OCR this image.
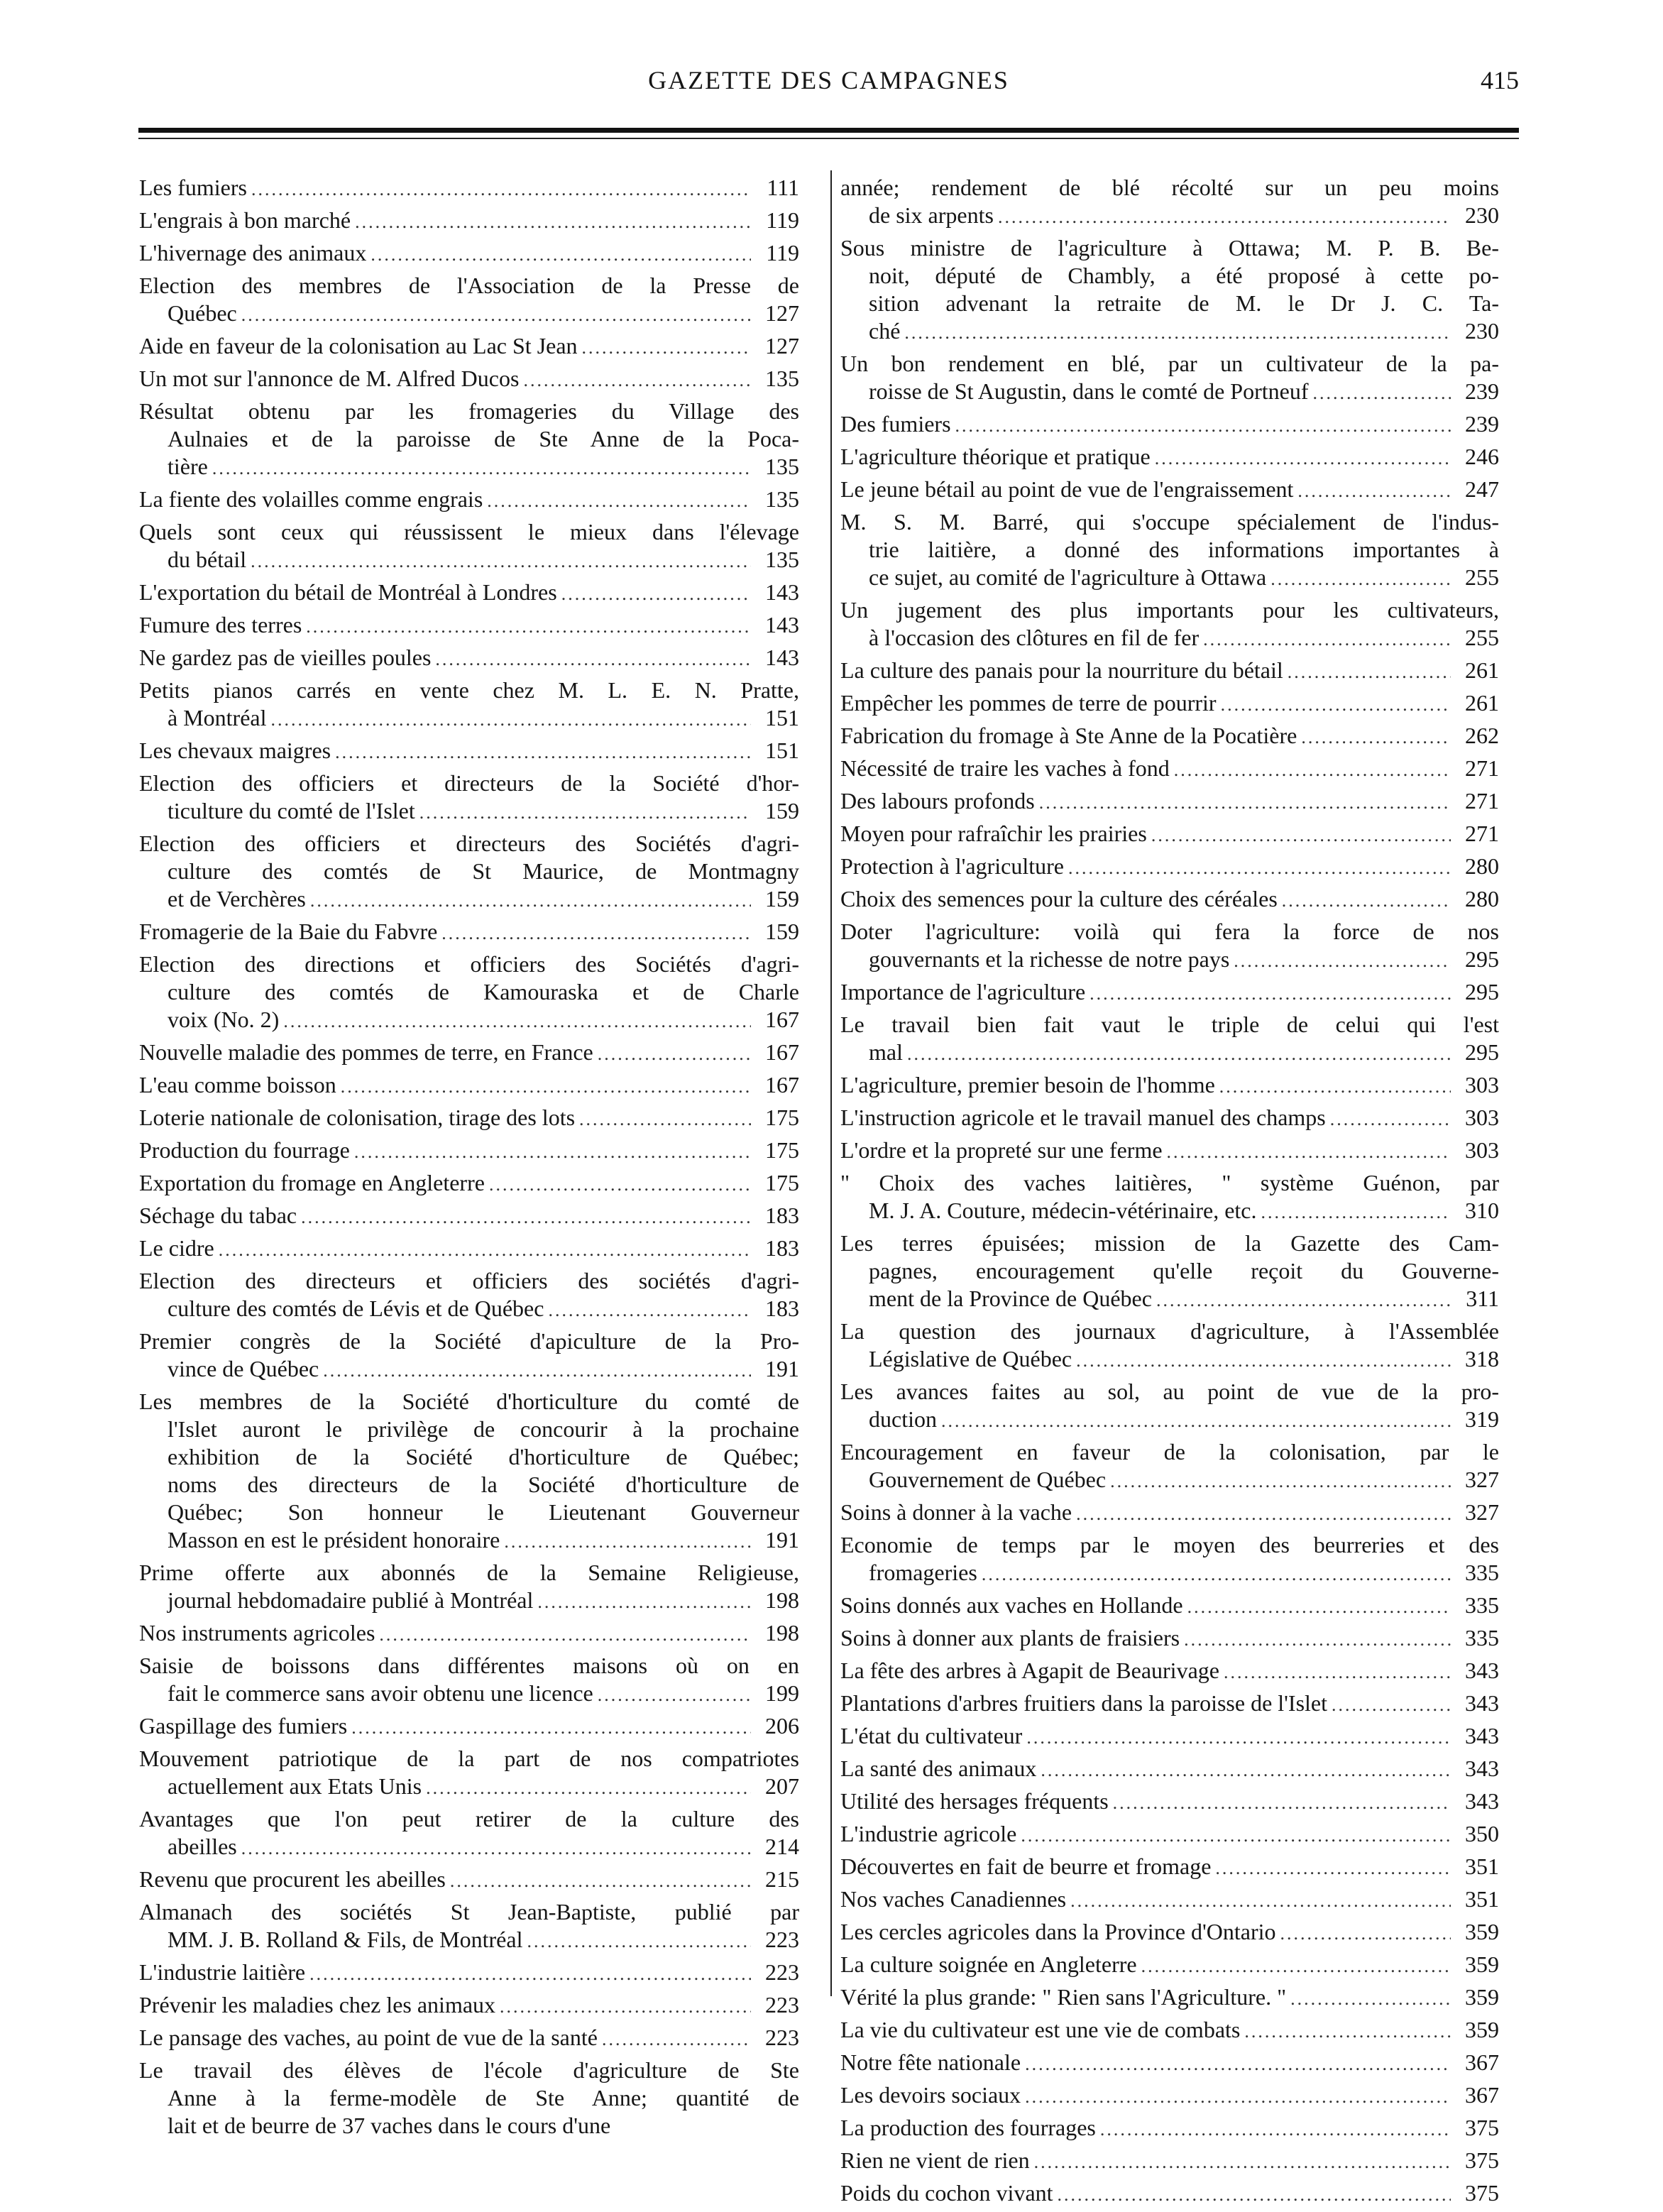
GAZETTE DES CAMPAGNES	415
Les fumiers .....	111
L'engrais à bon marché .....	119
L'hivernage des animaux .....	119
Election des membres de l'Association de la Presse de
Québec .....	127
Aide en faveur de la colonisation au Lac St Jean .....	127
Un mot sur l'annonce de M. Alfred Ducos .....	135
Résultat obtenu par les fromageries du Village des
Aulnaies et de la paroisse de Ste Anne de la Poca-
tière .....	135
La fiente des volailles comme engrais .....	135
Quels sont ceux qui réussissent le mieux dans l'élevage
du bétail .....	135
L'exportation du bétail de Montréal à Londres .....	143
Fumure des terres .....	143
Ne gardez pas de vieilles poules .....	143
Petits pianos carrés en vente chez M. L. E. N. Pratte,
à Montréal .....	151
Les chevaux maigres .....	151
Election des officiers et directeurs de la Société d'hor-
ticulture du comté de l'Islet .....	159
Election des officiers et directeurs des Sociétés d'agri-
culture des comtés de St Maurice, de Montmagny
et de Verchères .....	159
Fromagerie de la Baie du Fabvre .....	159
Election des directions et officiers des Sociétés d'agri-
culture des comtés de Kamouraska et de Charle
voix (No. 2) .....	167
Nouvelle maladie des pommes de terre, en France .....	167
L'eau comme boisson .....	167
Loterie nationale de colonisation, tirage des lots .....	175
Production du fourrage .....	175
Exportation du fromage en Angleterre .....	175
Séchage du tabac .....	183
Le cidre .....	183
Election des directeurs et officiers des sociétés d'agri-
culture des comtés de Lévis et de Québec .....	183
Premier congrès de la Société d'apiculture de la Pro-
vince de Québec .....	191
Les membres de la Société d'horticulture du comté de
l'Islet auront le privilège de concourir à la prochaine
exhibition de la Société d'horticulture de Québec;
noms des directeurs de la Société d'horticulture de
Québec; Son honneur le Lieutenant Gouverneur
Masson en est le président honoraire .....	191
Prime offerte aux abonnés de la Semaine Religieuse,
journal hebdomadaire publié à Montréal .....	198
Nos instruments agricoles .....	198
Saisie de boissons dans différentes maisons où on en
fait le commerce sans avoir obtenu une licence .....	199
Gaspillage des fumiers .....	206
Mouvement patriotique de la part de nos compatriotes
actuellement aux Etats Unis .....	207
Avantages que l'on peut retirer de la culture des
abeilles .....	214
Revenu que procurent les abeilles .....	215
Almanach des sociétés St Jean-Baptiste, publié par
MM. J. B. Rolland & Fils, de Montréal .....	223
L'industrie laitière .....	223
Prévenir les maladies chez les animaux .....	223
Le pansage des vaches, au point de vue de la santé .....	223
Le travail des élèves de l'école d'agriculture de Ste
Anne à la ferme-modèle de Ste Anne; quantité de
lait et de beurre de 37 vaches dans le cours d'une
année; rendement de blé récolté sur un peu moins
de six arpents .....	230
Sous ministre de l'agriculture à Ottawa; M. P. B. Be-
noit, député de Chambly, a été proposé à cette po-
sition advenant la retraite de M. le Dr J. C. Ta-
ché .....	230
Un bon rendement en blé, par un cultivateur de la pa-
roisse de St Augustin, dans le comté de Portneuf .....	239
Des fumiers .....	239
L'agriculture théorique et pratique .....	246
Le jeune bétail au point de vue de l'engraissement .....	247
M. S. M. Barré, qui s'occupe spécialement de l'indus-
trie laitière, a donné des informations importantes à
ce sujet, au comité de l'agriculture à Ottawa .....	255
Un jugement des plus importants pour les cultivateurs,
à l'occasion des clôtures en fil de fer .....	255
La culture des panais pour la nourriture du bétail .....	261
Empêcher les pommes de terre de pourrir .....	261
Fabrication du fromage à Ste Anne de la Pocatière .....	262
Nécessité de traire les vaches à fond .....	271
Des labours profonds .....	271
Moyen pour rafraîchir les prairies .....	271
Protection à l'agriculture .....	280
Choix des semences pour la culture des céréales .....	280
Doter l'agriculture: voilà qui fera la force de nos
gouvernants et la richesse de notre pays .....	295
Importance de l'agriculture .....	295
Le travail bien fait vaut le triple de celui qui l'est
mal .....	295
L'agriculture, premier besoin de l'homme .....	303
L'instruction agricole et le travail manuel des champs .....	303
L'ordre et la propreté sur une ferme .....	303
" Choix des vaches laitières, " système Guénon, par
M. J. A. Couture, médecin-vétérinaire, etc. .....	310
Les terres épuisées; mission de la Gazette des Cam-
pagnes, encouragement qu'elle reçoit du Gouverne-
ment de la Province de Québec .....	311
La question des journaux d'agriculture, à l'Assemblée
Législative de Québec .....	318
Les avances faites au sol, au point de vue de la pro-
duction .....	319
Encouragement en faveur de la colonisation, par le
Gouvernement de Québec .....	327
Soins à donner à la vache .....	327
Economie de temps par le moyen des beurreries et des
fromageries .....	335
Soins donnés aux vaches en Hollande .....	335
Soins à donner aux plants de fraisiers .....	335
La fête des arbres à Agapit de Beaurivage .....	343
Plantations d'arbres fruitiers dans la paroisse de l'Islet .....	343
L'état du cultivateur .....	343
La santé des animaux .....	343
Utilité des hersages fréquents .....	343
L'industrie agricole .....	350
Découvertes en fait de beurre et fromage .....	351
Nos vaches Canadiennes .....	351
Les cercles agricoles dans la Province d'Ontario .....	359
La culture soignée en Angleterre .....	359
Vérité la plus grande: " Rien sans l'Agriculture. " .....	359
La vie du cultivateur est une vie de combats .....	359
Notre fête nationale .....	367
Les devoirs sociaux .....	367
La production des fourrages .....	375
Rien ne vient de rien .....	375
Poids du cochon vivant .....	375
